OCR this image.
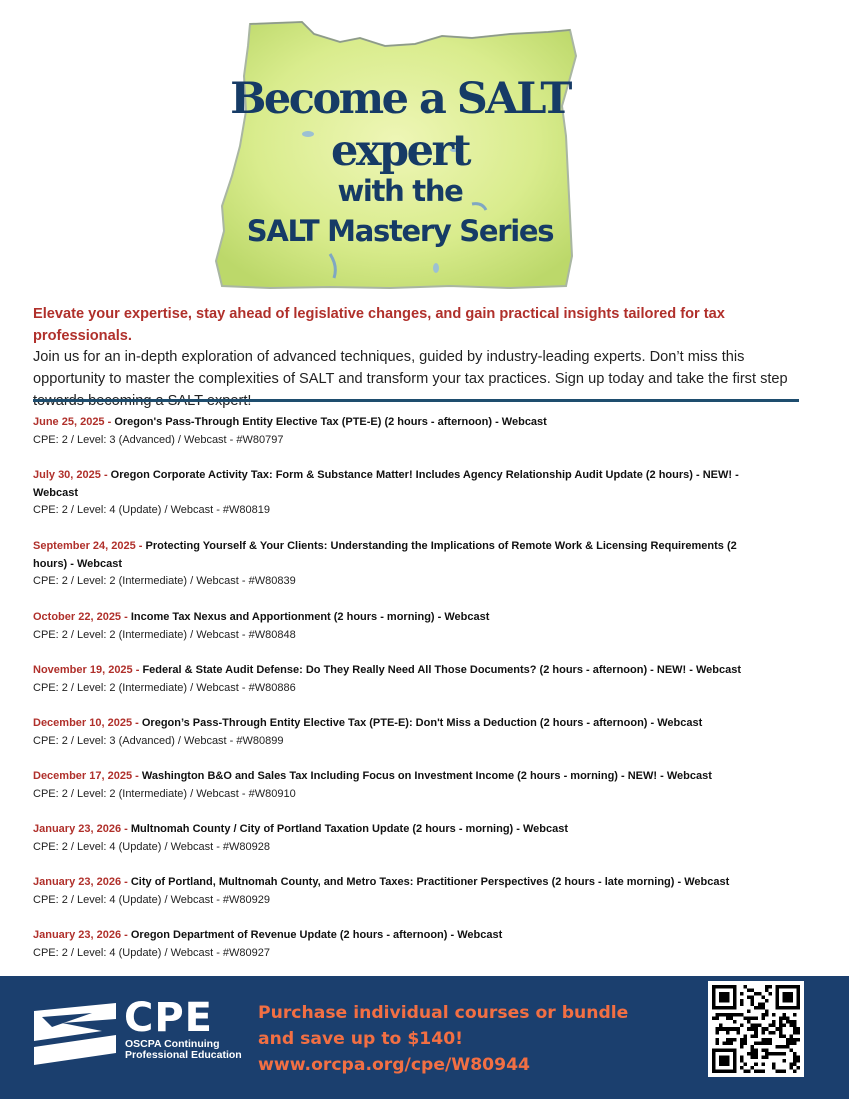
Become a SALT
expert
with the
SALT Mastery Series
Elevate your expertise, stay ahead of legislative changes, and gain practical insights tailored for tax professionals.
Join us for an in-depth exploration of advanced techniques, guided by industry-leading experts. Don’t miss this opportunity to master the complexities of SALT and transform your tax practices. Sign up today and take the first step
June 25, 2025 - Oregon's Pass-Through Entity Elective Tax (PTE-E) (2 hours - afternoon) - Webcast
CPE: 2 / Level: 3 (Advanced) / Webcast - #W80797
July 30, 2025 - Oregon Corporate Activity Tax: Form & Substance Matter! Includes Agency Relationship Audit Update (2 hours) - NEW! - Webcast
CPE: 2 / Level: 4 (Update) / Webcast - #W80819
September 24, 2025 - Protecting Yourself & Your Clients: Understanding the Implications of Remote Work & Licensing Requirements (2 hours) - Webcast
CPE: 2 / Level: 2 (Intermediate) / Webcast - #W80839
October 22, 2025 - Income Tax Nexus and Apportionment (2 hours - morning) - Webcast
CPE: 2 / Level: 2 (Intermediate) / Webcast - #W80848
November 19, 2025 - Federal & State Audit Defense: Do They Really Need All Those Documents? (2 hours - afternoon) - NEW! - Webcast
CPE: 2 / Level: 2 (Intermediate) / Webcast - #W80886
December 10, 2025 - Oregon’s Pass-Through Entity Elective Tax (PTE-E): Don't Miss a Deduction (2 hours - afternoon) - Webcast
CPE: 2 / Level: 3 (Advanced) / Webcast - #W80899
December 17, 2025 - Washington B&O and Sales Tax Including Focus on Investment Income (2 hours - morning) - NEW! - Webcast
CPE: 2 / Level: 2 (Intermediate) / Webcast - #W80910
January 23, 2026 - Multnomah County / City of Portland Taxation Update (2 hours - morning) - Webcast
CPE: 2 / Level: 4 (Update) / Webcast - #W80928
January 23, 2026 - City of Portland, Multnomah County, and Metro Taxes: Practitioner Perspectives (2 hours - late morning) - Webcast
CPE: 2 / Level: 4 (Update) / Webcast - #W80929
January 23, 2026 - Oregon Department of Revenue Update (2 hours - afternoon) - Webcast
CPE: 2 / Level: 4 (Update) / Webcast - #W80927
CPE
OSCPA Continuing
Professional Education
Purchase individual courses or bundle
and save up to $140! www.orcpa.org/cpe/W80944
